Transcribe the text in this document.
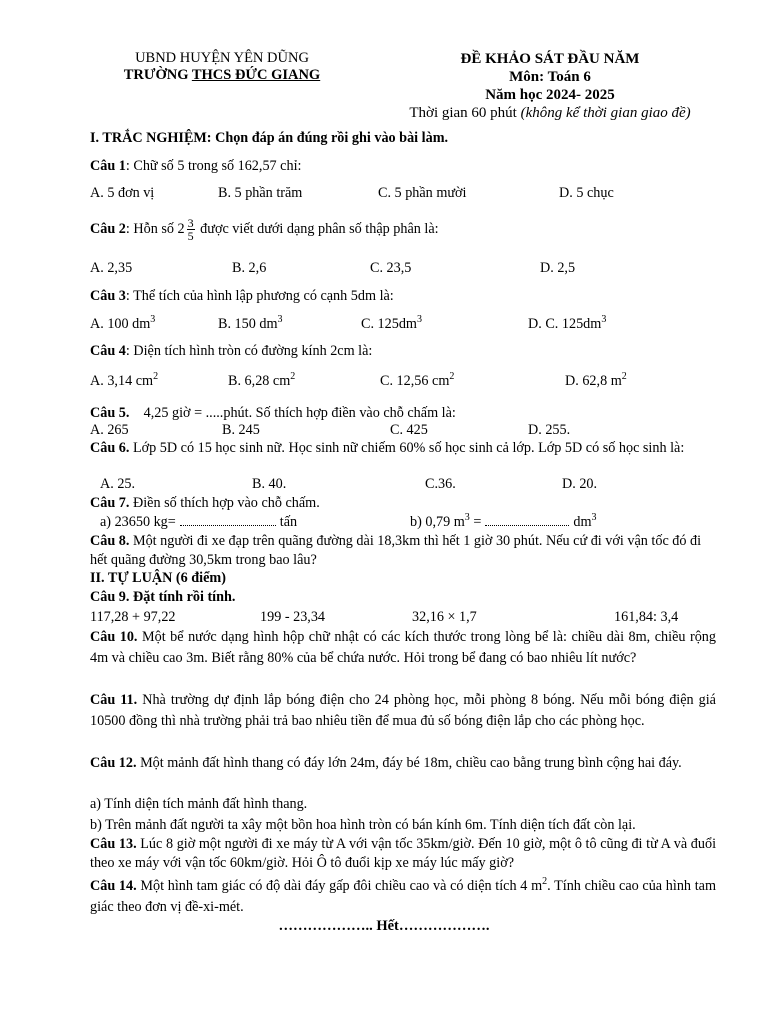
UBND HUYỆN YÊN DŨNG
TRƯỜNG THCS ĐỨC GIANG
ĐỀ KHẢO SÁT ĐẦU NĂM
Môn: Toán 6
Năm học 2024- 2025
Thời gian 60 phút (không kể thời gian giao đề)
I. TRẮC NGHIỆM: Chọn đáp án đúng rồi ghi vào bài làm.
Câu 1: Chữ số 5 trong số 162,57 chỉ:
A. 5 đơn vị	B. 5 phần trăm	C. 5 phần mười	D. 5 chục
Câu 2: Hỗn số $2 \frac{3}{5}$ được viết dưới dạng phân số thập phân là:
A. 2,35	B. 2,6	C. 23,5	D. 2,5
Câu 3: Thể tích của hình lập phương có cạnh 5dm là:
A. 100 $dm^3$	B. 150 $dm^3$	C. $125dm^3$	D. C. $125dm^3$
Câu 4: Diện tích hình tròn có đường kính 2cm là:
A. 3,14 $cm^2$	B. 6,28 $cm^2$	C. 12,56 $cm^2$	D. 62,8 $m^2$
Câu 5.    4,25 giờ = .....phút. Số thích hợp điền vào chỗ chấm là:
A. 265	B. 245	C. 425	D. 255.
Câu 6. Lớp 5D có 15 học sinh nữ. Học sinh nữ chiếm 60% số học sinh cả lớp. Lớp 5D có số học sinh là:
A. 25.	B. 40.	C.36.	D. 20.
Câu 7. Điền số thích hợp vào chỗ chấm.
a) 23650 kg=	tấn	b) 0,79 $m^3$ =	$dm^3$
Câu 8. Một người đi xe đạp trên quãng đường dài 18,3km thì hết 1 giờ 30 phút. Nếu cứ đi với vận tốc đó đi hết quãng đường 30,5km trong bao lâu?
II. TỰ LUẬN (6 điểm)
Câu 9. Đặt tính rồi tính.
117,28 + 97,22	199 - 23,34	32,16 × 1,7	161,84: 3,4
Câu 10. Một bể nước dạng hình hộp chữ nhật có các kích thước trong lòng bể là: chiều dài 8m, chiều rộng 4m và chiều cao 3m. Biết rằng 80% của bể chứa nước. Hỏi trong bể đang có bao nhiêu lít nước?
Câu 11. Nhà trường dự định lắp bóng điện cho 24 phòng học, mỗi phòng 8 bóng. Nếu mỗi bóng điện giá 10500 đồng thì nhà trường phải trả bao nhiêu tiền để mua đủ số bóng điện lắp cho các phòng học.
Câu 12. Một mảnh đất hình thang có đáy lớn 24m, đáy bé 18m, chiều cao bằng trung bình cộng hai đáy.
a) Tính diện tích mảnh đất hình thang.
b) Trên mảnh đất người ta xây một bồn hoa hình tròn có bán kính 6m. Tính diện tích đất còn lại.
Câu 13. Lúc 8 giờ một người đi xe máy từ A với vận tốc 35km/giờ. Đến 10 giờ, một ô tô cũng đi từ A và đuổi theo xe máy với vận tốc 60km/giờ. Hỏi Ô tô đuổi kịp xe máy lúc mấy giờ?
Câu 14. Một hình tam giác có độ dài đáy gấp đôi chiều cao và có diện tích 4 $m^2$. Tính chiều cao của hình tam giác theo đơn vị đề-xi-mét.
……………….. Hết……………….
